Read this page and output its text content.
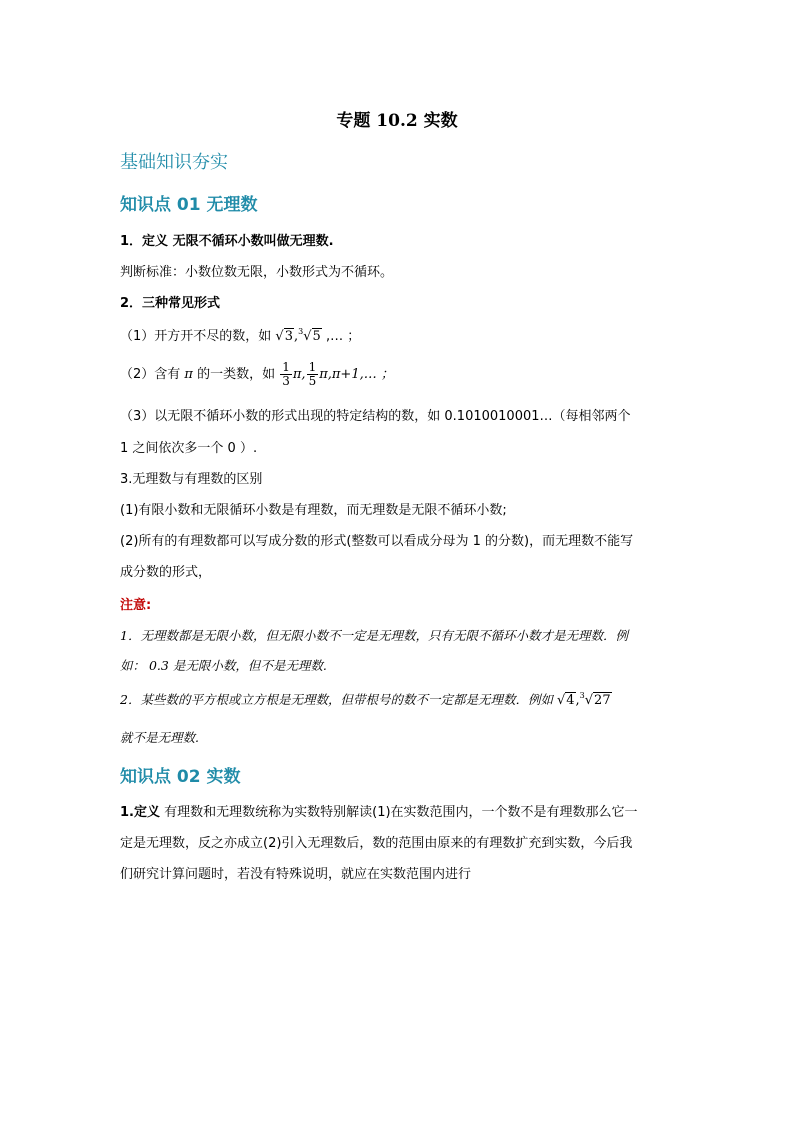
专题 10.2 实数
基础知识夯实
知识点 01 无理数
1．定义 无限不循环小数叫做无理数.
判断标准：小数位数无限，小数形式为不循环。
2．三种常见形式
（1）开方开不尽的数，如 √3,$^3$√5 ,… ；
（2）含有 π 的一类数，如 $\frac{1}{3} \pi$, $\frac{1}{5}$ π,π+1,… ；
（3）以无限不循环小数的形式出现的特定结构的数，如 0.1010010001…（每相邻两个
1 之间依次多一个 0 ）.
3.无理数与有理数的区别
(1)有限小数和无限循环小数是有理数，而无理数是无限不循环小数;
(2)所有的有理数都可以写成分数的形式(整数可以看成分母为 1 的分数)，而无理数不能写
成分数的形式，
注意:
1．无理数都是无限小数，但无限小数不一定是无理数，只有无限不循环小数才是无理数．例
如： 0.3 是无限小数，但不是无理数.
2．某些数的平方根或立方根是无理数，但带根号的数不一定都是无理数．例如 √4,$^3$√27
就不是无理数.
知识点 02 实数
1.定义 有理数和无理数统称为实数特别解读(1)在实数范围内，一个数不是有理数那么它一
定是无理数，反之亦成立(2)引入无理数后，数的范围由原来的有理数扩充到实数，今后我
们研究计算问题时，若没有特殊说明，就应在实数范围内进行
